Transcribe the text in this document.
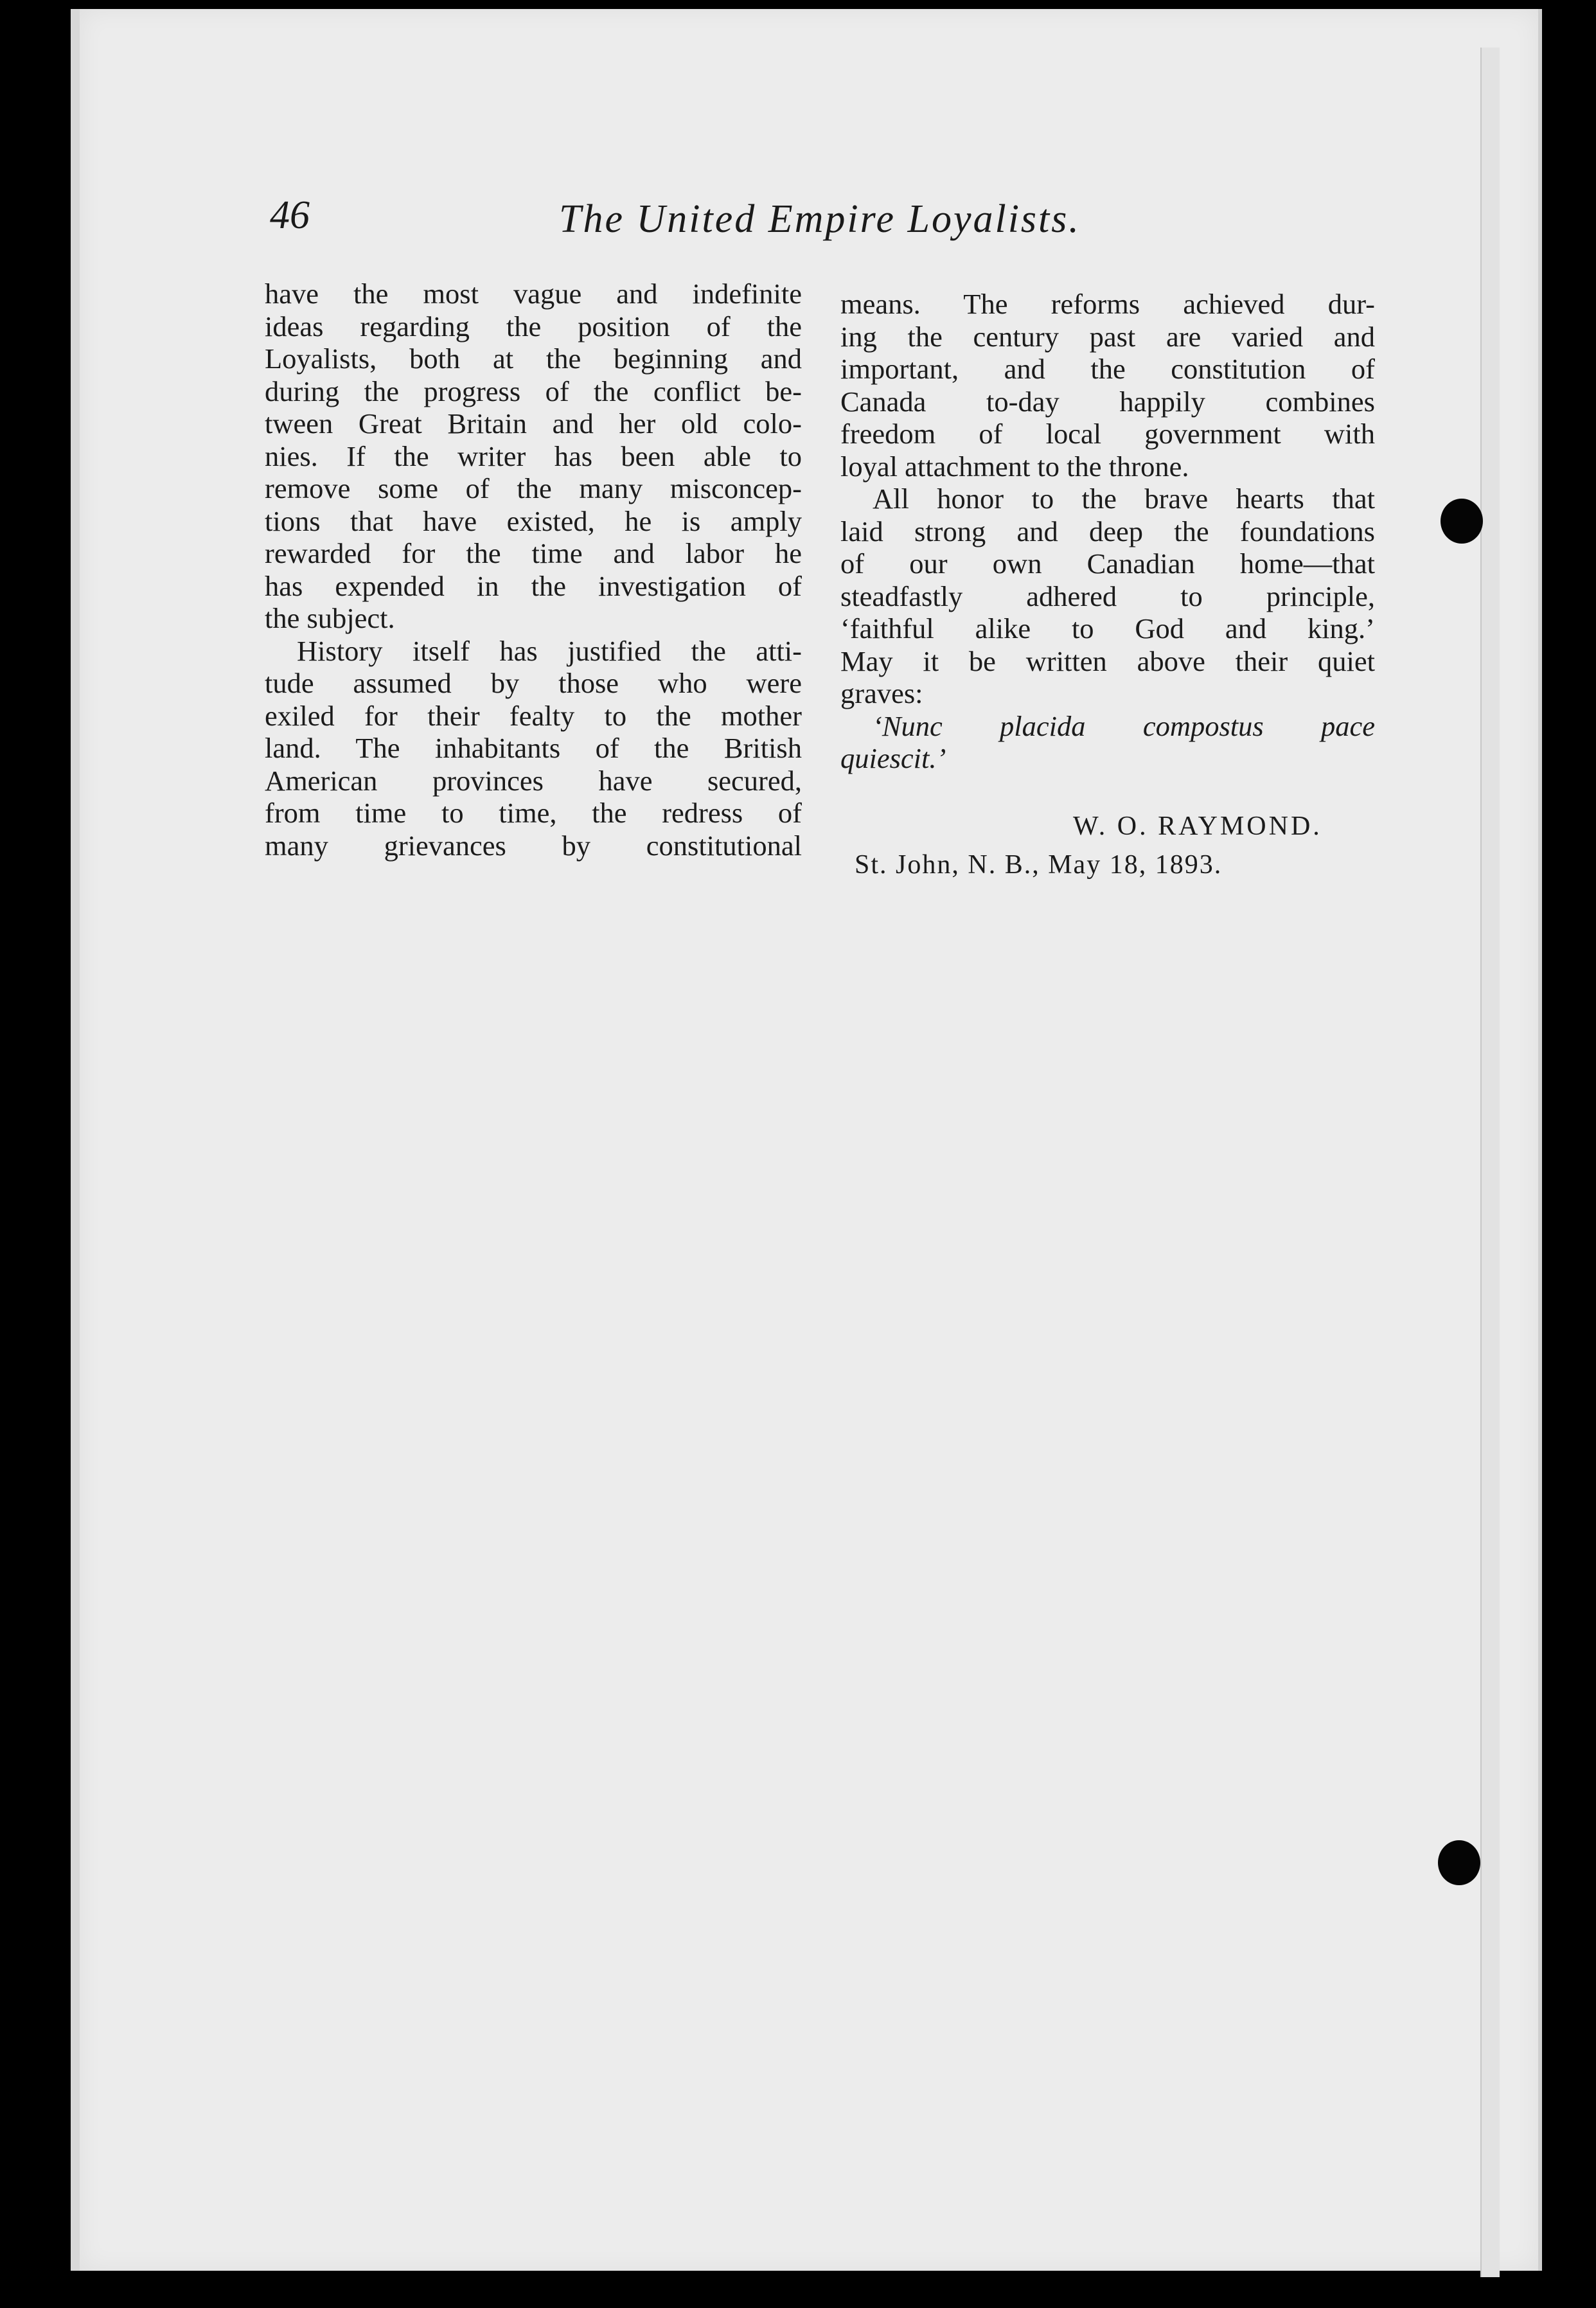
46	The United Empire Loyalists.
have the most vague and indefinite
ideas regarding the position of the
Loyalists, both at the beginning and
during the progress of the conflict be-
tween Great Britain and her old colo-
nies. If the writer has been able to
remove some of the many misconcep-
tions that have existed, he is amply
rewarded for the time and labor he
has expended in the investigation of
the subject.
History itself has justified the atti-
tude assumed by those who were
exiled for their fealty to the mother
land. The inhabitants of the British
American provinces have secured,
from time to time, the redress of
many grievances by constitutional
means. The reforms achieved dur-
ing the century past are varied and
important, and the constitution of
Canada to-day happily combines
freedom of local government with
loyal attachment to the throne.
All honor to the brave hearts that
laid strong and deep the foundations
of our own Canadian home—that
steadfastly adhered to principle,
‘faithful alike to God and king.’
May it be written above their quiet
graves:
‘Nunc placida compostus pace
quiescit.’
W. O. RAYMOND.
St. John, N. B., May 18, 1893.
